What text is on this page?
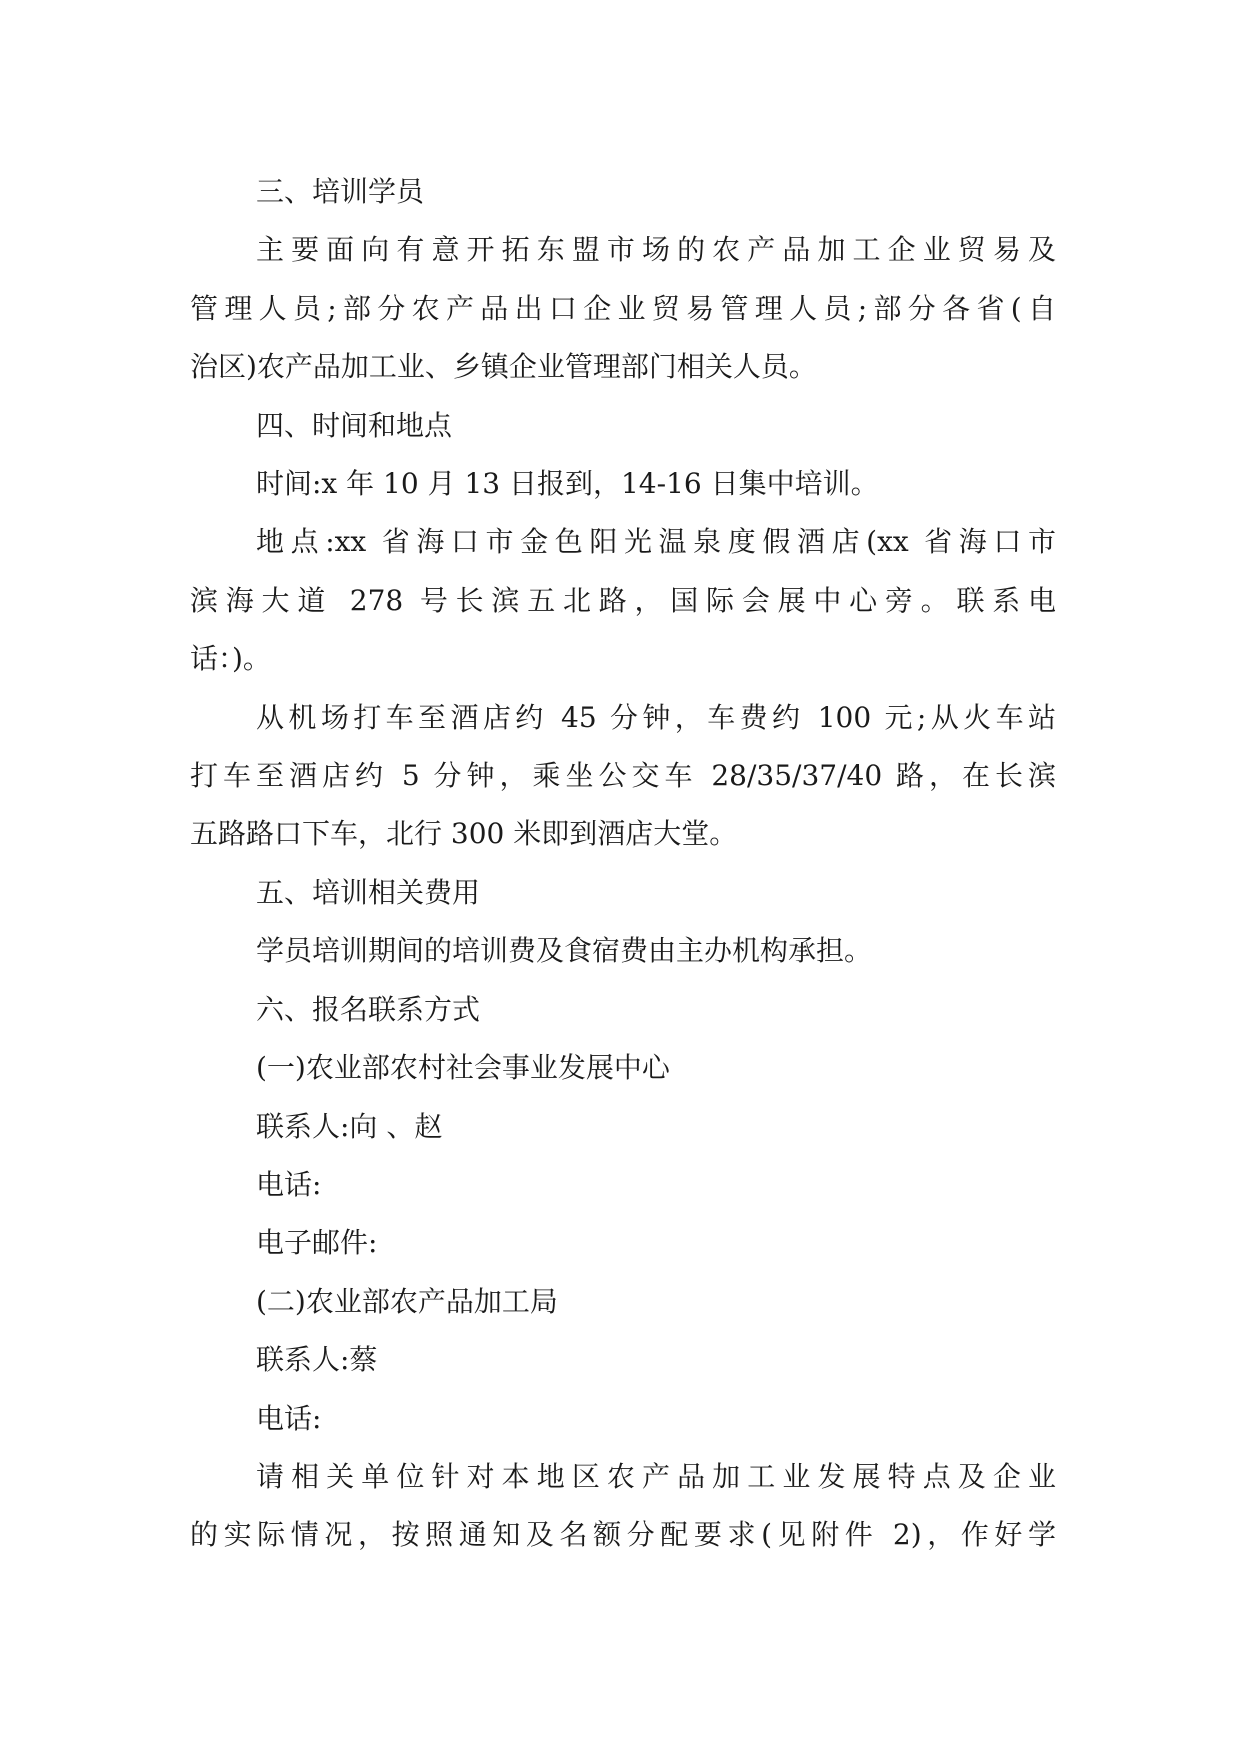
三、培训学员

主要面向有意开拓东盟市场的农产品加工企业贸易及

管理人员;部分农产品出口企业贸易管理人员;部分各省(自

治区)农产品加工业、乡镇企业管理部门相关人员。

四、时间和地点

时间:x 年 10 月 13 日报到，14-16 日集中培训。

地点:xx 省海口市金色阳光温泉度假酒店(xx 省海口市

滨海大道 278 号长滨五北路，国际会展中心旁。联系电

话：)。

从机场打车至酒店约 45 分钟，车费约 100 元;从火车站

打车至酒店约 5 分钟，乘坐公交车 28/35/37/40 路，在长滨

五路路口下车，北行 300 米即到酒店大堂。

五、培训相关费用

学员培训期间的培训费及食宿费由主办机构承担。

六、报名联系方式

(一)农业部农村社会事业发展中心

联系人:向 、赵

电话:

电子邮件:

(二)农业部农产品加工局

联系人:蔡

电话:

请相关单位针对本地区农产品加工业发展特点及企业

的实际情况，按照通知及名额分配要求(见附件 2)，作好学
